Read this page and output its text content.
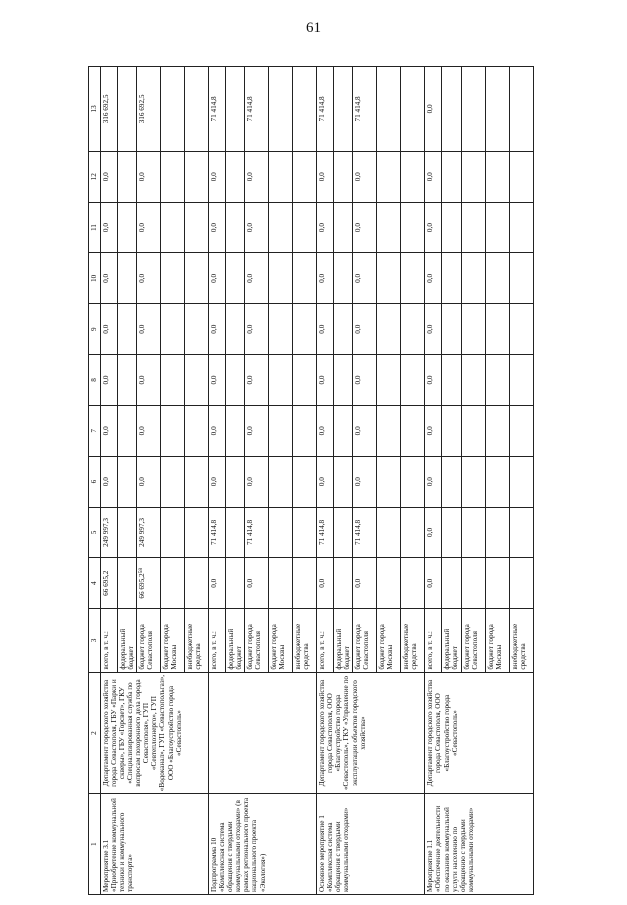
61
1	2	3	4	5	6	7	8	9	10	11	12	13
Мероприятие 3.1 «Приобретение коммунальной техники и коммунального транспорта»	Департамент городского хозяйства города Севастополя, ГБУ «Парки и скверы», ГБУ «Горсвет», ГКУ «Специализированная служба по вопросам похоронного дела города Севастополя», ГУП «Севтеплоэнерго», ГУП «Водоканал», ГУП «Севастопольгаз», ООО «Благоустройство города «Севастополь»	всего, в т. ч.:	66 695,2	249 997,3	0,0	0,0	0,0	0,0	0,0	0,0	0,0	316 692,5
		федеральный бюджет										
		бюджет города Севастополя	66 695,2$^{58}$	249 997,3	0,0	0,0	0,0	0,0	0,0	0,0	0,0	316 692,5
		бюджет города Москвы										
		внебюджетные средства										
Подпрограмма 10 «Комплексная система обращения с твердыми коммунальными отходами» (в рамках регионального проекта национального проекта «Экология»)		всего, в т. ч.:	0,0	71 414,8	0,0	0,0	0,0	0,0	0,0	0,0	0,0	71 414,8
		федеральный бюджет										
		бюджет города Севастополя	0,0	71 414,8	0,0	0,0	0,0	0,0	0,0	0,0	0,0	71 414,8
		бюджет города Москвы										
		внебюджетные средства										
Основное мероприятие 1 «Комплексная система обращения с твердыми коммунальными отходами»	Департамент городского хозяйства города Севастополя, ООО «Благоустройство города «Севастополь», ГКУ «Управление по эксплуатации объектов городского хозяйства»	всего, в т. ч.:	0,0	71 414,8	0,0	0,0	0,0	0,0	0,0	0,0	0,0	71 414,8
		федеральный бюджет										
		бюджет города Севастополя	0,0	71 414,8	0,0	0,0	0,0	0,0	0,0	0,0	0,0	71 414,8
		бюджет города Москвы										
		внебюджетные средства										
Мероприятие 1.1 «Обеспечение деятельности по оказанию коммунальной услуги населению по обращению с твердыми коммунальными отходами»	Департамент городского хозяйства города Севастополя, ООО «Благоустройство города «Севастополь»	всего, в т. ч.:	0,0	0,0	0,0	0,0	0,0	0,0	0,0	0,0	0,0	0,0
		федеральный бюджет										
		бюджет города Севастополя										
		бюджет города Москвы										
		внебюджетные средства										
